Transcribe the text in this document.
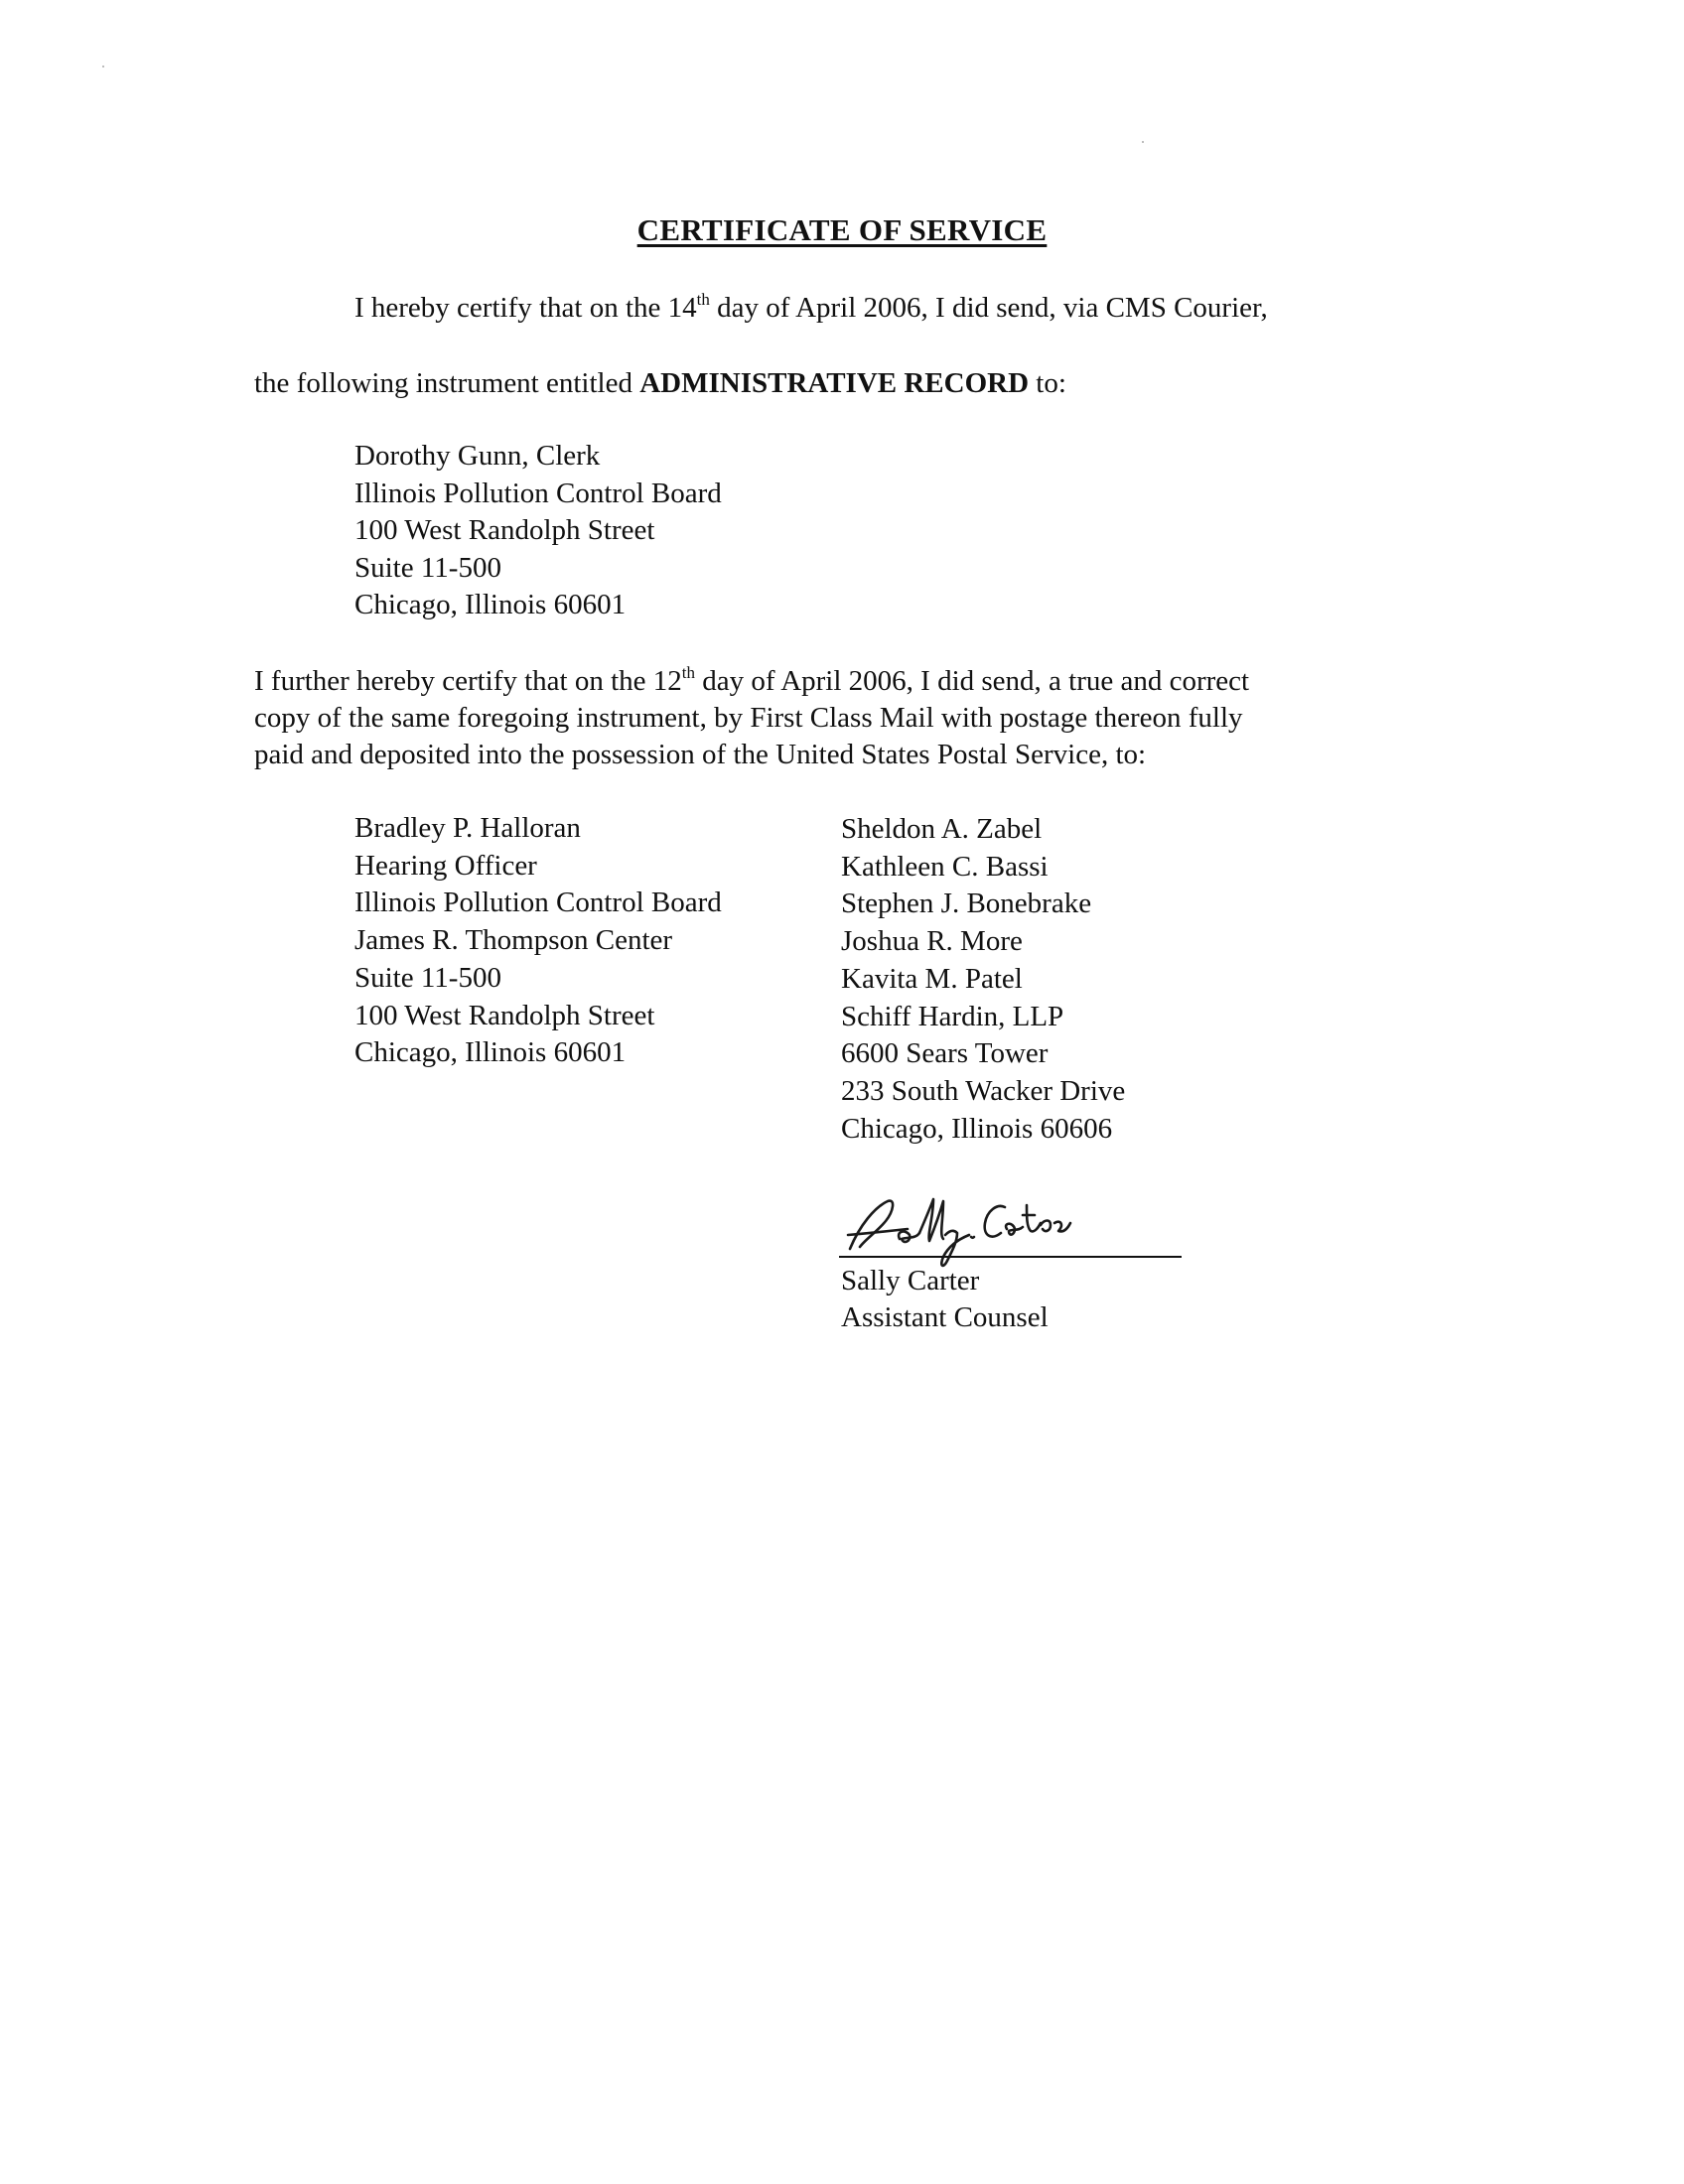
CERTIFICATE OF SERVICE
I hereby certify that on the 14th day of April 2006, I did send, via CMS Courier,
the following instrument entitled ADMINISTRATIVE RECORD to:
Dorothy Gunn, Clerk
Illinois Pollution Control Board
100 West Randolph Street
Suite 11-500
Chicago, Illinois 60601
I further hereby certify that on the 12th day of April 2006, I did send, a true and correct
copy of the same foregoing instrument, by First Class Mail with postage thereon fully
paid and deposited into the possession of the United States Postal Service, to:
Bradley P. Halloran
Hearing Officer
Illinois Pollution Control Board
James R. Thompson Center
Suite 11-500
100 West Randolph Street
Chicago, Illinois 60601
Sheldon A. Zabel
Kathleen C. Bassi
Stephen J. Bonebrake
Joshua R. More
Kavita M. Patel
Schiff Hardin, LLP
6600 Sears Tower
233 South Wacker Drive
Chicago, Illinois 60606
Sally Carter
Assistant Counsel
